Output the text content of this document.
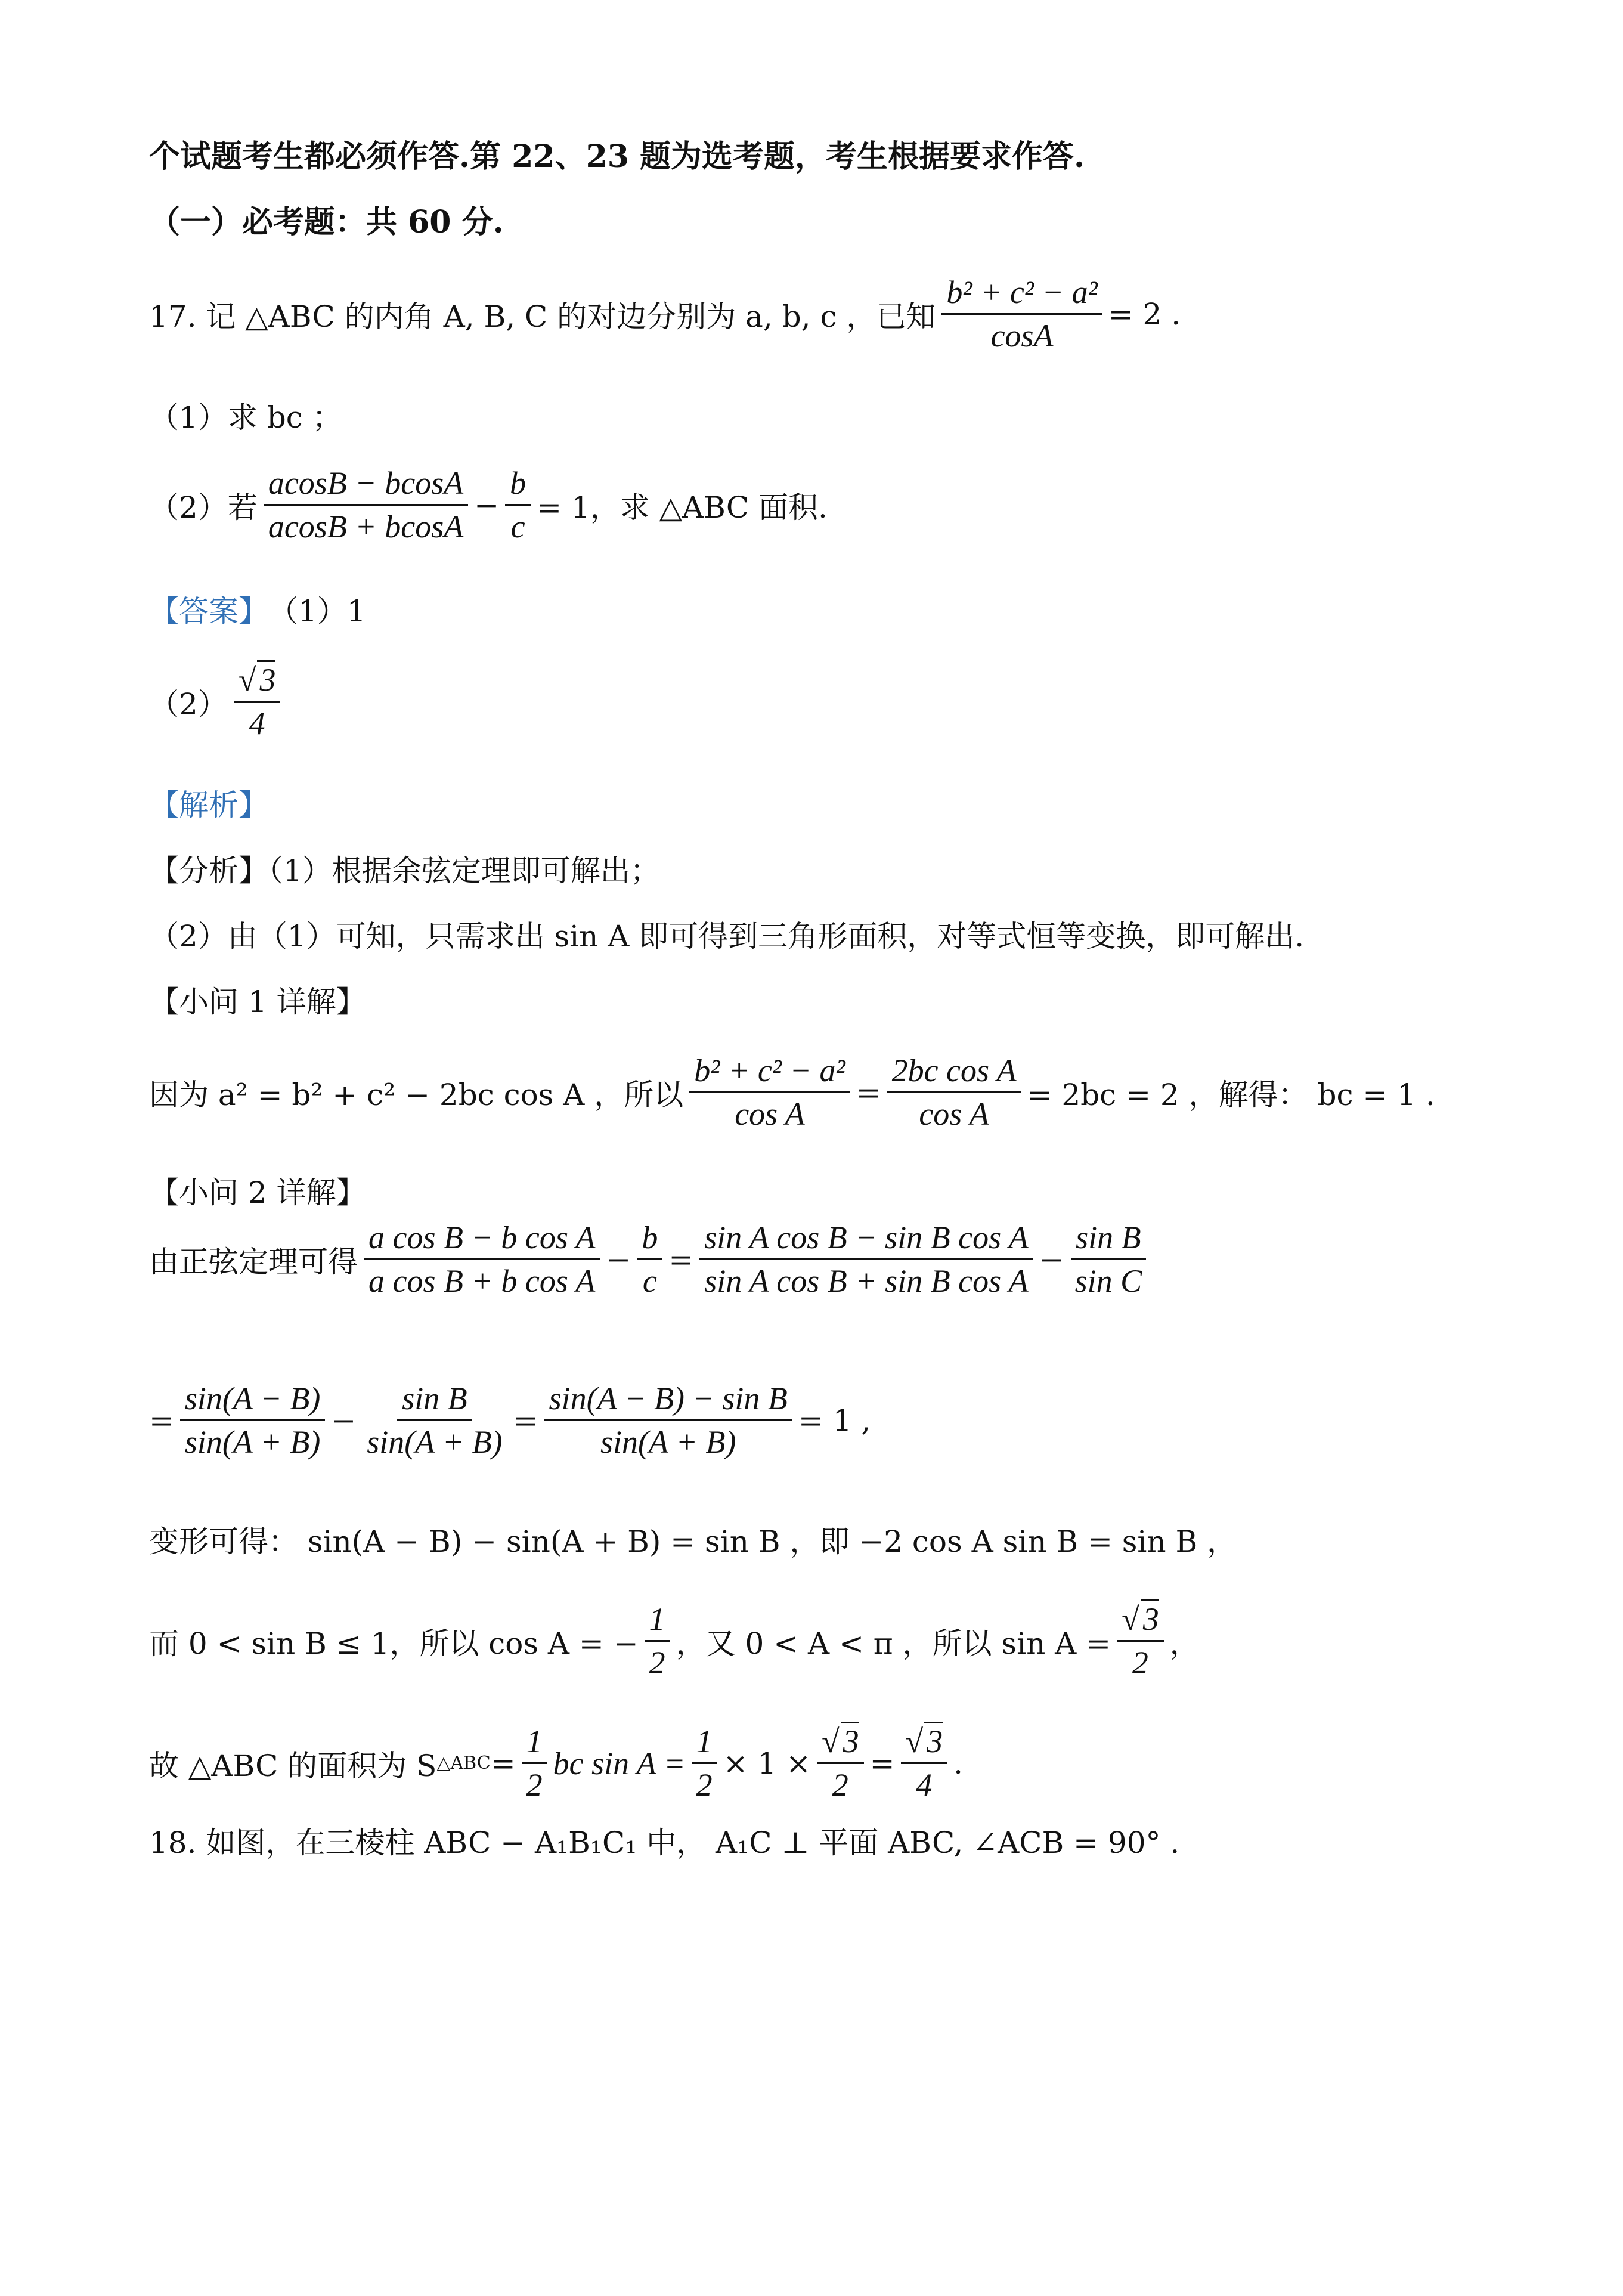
个试题考生都必须作答.第 22、23 题为选考题，考生根据要求作答.
（一）必考题：共 60 分.
17. 记 △ABC 的内角 A, B, C 的对边分别为 a, b, c ，已知 $\frac{\text{b² + c² − a²}}{\cos A} = 2$ .
（1）求 bc ；
（2）若 $\frac{acosB - bcosA}{acosB + bcosA} - \frac{b}{c} = 1$，求 △ABC 面积.
【答案】 （1）1
$(2) \frac{√ 3}{4}$
【解析】
【分析】（1）根据余弦定理即可解出；
（2）由（1）可知，只需求出 sin A 即可得到三角形面积，对等式恒等变换，即可解出.
【小问 1 详解】
因为 a² = b² + c² − 2bc cos A ，所以 $\frac{\text{b² + c² − a²}}{\text{cos A}} = \frac{\text{2bc cos A}}{\text{cos A}} = 2bc = 2$ ，解得： bc = 1 .
【小问 2 详解】
由正弦定理可得 $\frac{\text{a cos B − b cos A}}{\text{a cos B + b cos A}} - \frac{b}{c} = \frac{\text{sin A cos B − sin B cos A}}{\text{sin A cos B + sin B cos A}} - \frac{\text{sin B}}{\text{sin C}}$
= $\frac{\sin(A - B)}{\sin(A + B)} - \frac{\text{sin B}}{\sin(A + B)} = \frac{\text{sin(A − B) − sin B}}{\sin(A + B)} = 1$ ,
变形可得： sin(A − B) − sin(A + B) = sin B ，即 −2 cos A sin B = sin B ，
而 0 < sin B ≤ 1，所以 cos A = − $\frac{1}{2}$ ，又 0 < A < π ，所以 $\sin A = \frac{√ 3}{2}$ ，
故 △ABC 的面积为 S △ABC = $\frac{1}{2}$ bc $\sin A = \frac{1}{2} \times 1 \times \frac{√ 3}{2} = \frac{√ 3}{4}$ .
18. 如图，在三棱柱 ABC − A₁B₁C₁ 中， A₁C ⊥ 平面 ABC, ∠ACB = 90° .
